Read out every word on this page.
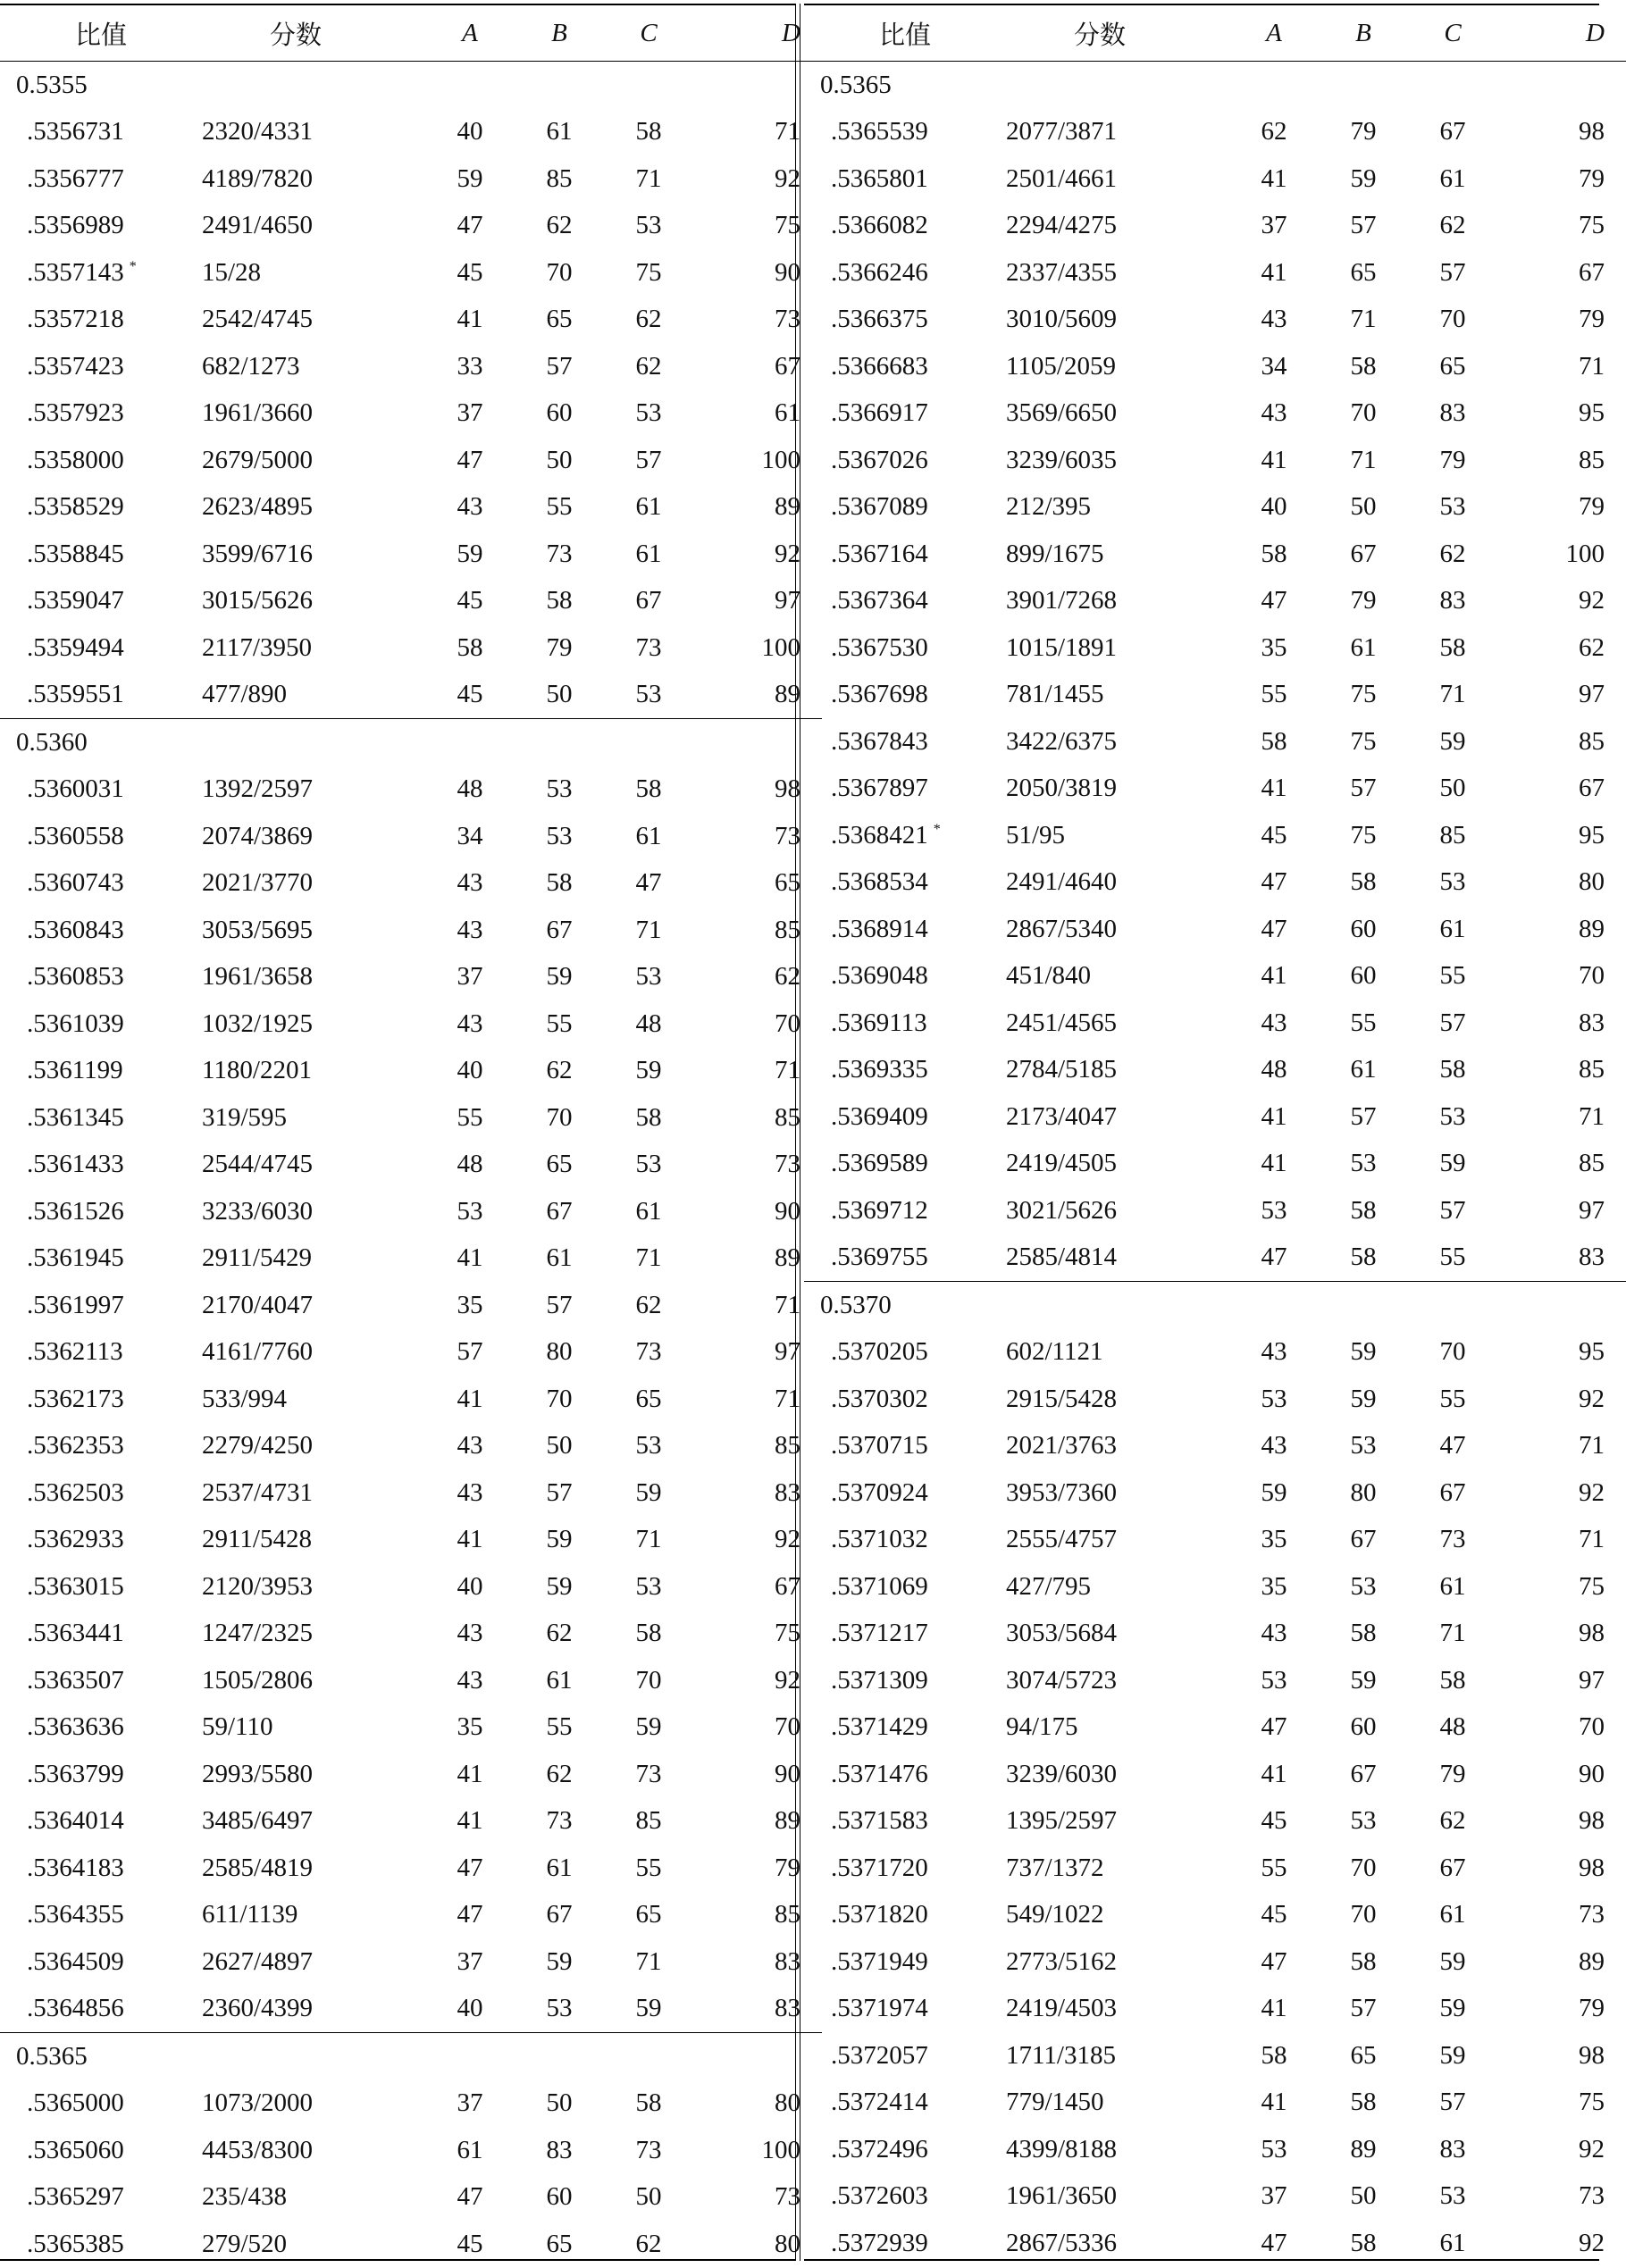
比值	分数	A	B	C	D
0.5355					
.5356731	2320/4331	40	61	58	71
.5356777	4189/7820	59	85	71	92
.5356989	2491/4650	47	62	53	75
.5357143 *	15/28	45	70	75	90
.5357218	2542/4745	41	65	62	73
.5357423	682/1273	33	57	62	67
.5357923	1961/3660	37	60	53	61
.5358000	2679/5000	47	50	57	100
.5358529	2623/4895	43	55	61	89
.5358845	3599/6716	59	73	61	92
.5359047	3015/5626	45	58	67	97
.5359494	2117/3950	58	79	73	100
.5359551	477/890	45	50	53	89
0.5360					
.5360031	1392/2597	48	53	58	98
.5360558	2074/3869	34	53	61	73
.5360743	2021/3770	43	58	47	65
.5360843	3053/5695	43	67	71	85
.5360853	1961/3658	37	59	53	62
.5361039	1032/1925	43	55	48	70
.5361199	1180/2201	40	62	59	71
.5361345	319/595	55	70	58	85
.5361433	2544/4745	48	65	53	73
.5361526	3233/6030	53	67	61	90
.5361945	2911/5429	41	61	71	89
.5361997	2170/4047	35	57	62	71
.5362113	4161/7760	57	80	73	97
.5362173	533/994	41	70	65	71
.5362353	2279/4250	43	50	53	85
.5362503	2537/4731	43	57	59	83
.5362933	2911/5428	41	59	71	92
.5363015	2120/3953	40	59	53	67
.5363441	1247/2325	43	62	58	75
.5363507	1505/2806	43	61	70	92
.5363636	59/110	35	55	59	70
.5363799	2993/5580	41	62	73	90
.5364014	3485/6497	41	73	85	89
.5364183	2585/4819	47	61	55	79
.5364355	611/1139	47	67	65	85
.5364509	2627/4897	37	59	71	83
.5364856	2360/4399	40	53	59	83
0.5365					
.5365000	1073/2000	37	50	58	80
.5365060	4453/8300	61	83	73	100
.5365297	235/438	47	60	50	73
.5365385	279/520	45	65	62	80
比值	分数	A	B	C	D
0.5365					
.5365539	2077/3871	62	79	67	98
.5365801	2501/4661	41	59	61	79
.5366082	2294/4275	37	57	62	75
.5366246	2337/4355	41	65	57	67
.5366375	3010/5609	43	71	70	79
.5366683	1105/2059	34	58	65	71
.5366917	3569/6650	43	70	83	95
.5367026	3239/6035	41	71	79	85
.5367089	212/395	40	50	53	79
.5367164	899/1675	58	67	62	100
.5367364	3901/7268	47	79	83	92
.5367530	1015/1891	35	61	58	62
.5367698	781/1455	55	75	71	97
.5367843	3422/6375	58	75	59	85
.5367897	2050/3819	41	57	50	67
.5368421 *	51/95	45	75	85	95
.5368534	2491/4640	47	58	53	80
.5368914	2867/5340	47	60	61	89
.5369048	451/840	41	60	55	70
.5369113	2451/4565	43	55	57	83
.5369335	2784/5185	48	61	58	85
.5369409	2173/4047	41	57	53	71
.5369589	2419/4505	41	53	59	85
.5369712	3021/5626	53	58	57	97
.5369755	2585/4814	47	58	55	83
0.5370					
.5370205	602/1121	43	59	70	95
.5370302	2915/5428	53	59	55	92
.5370715	2021/3763	43	53	47	71
.5370924	3953/7360	59	80	67	92
.5371032	2555/4757	35	67	73	71
.5371069	427/795	35	53	61	75
.5371217	3053/5684	43	58	71	98
.5371309	3074/5723	53	59	58	97
.5371429	94/175	47	60	48	70
.5371476	3239/6030	41	67	79	90
.5371583	1395/2597	45	53	62	98
.5371720	737/1372	55	70	67	98
.5371820	549/1022	45	70	61	73
.5371949	2773/5162	47	58	59	89
.5371974	2419/4503	41	57	59	79
.5372057	1711/3185	58	65	59	98
.5372414	779/1450	41	58	57	75
.5372496	4399/8188	53	89	83	92
.5372603	1961/3650	37	50	53	73
.5372939	2867/5336	47	58	61	92
